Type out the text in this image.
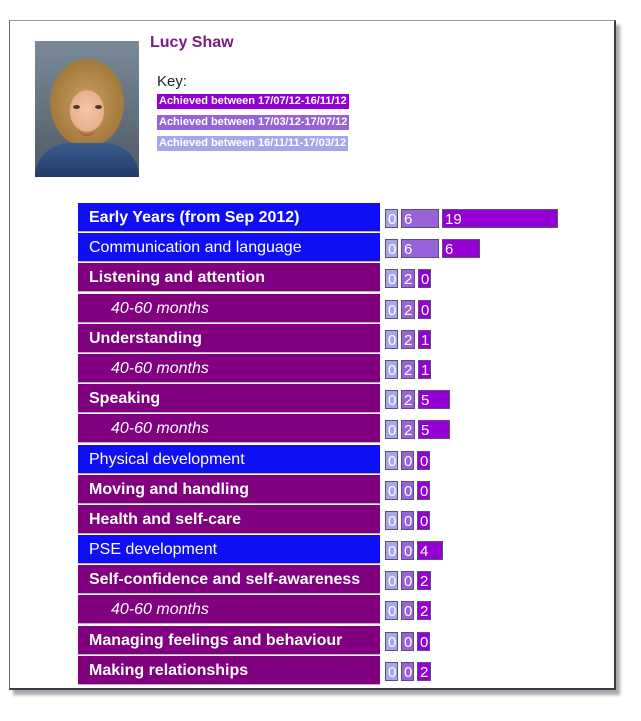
Lucy Shaw
Key:
Achieved between 17/07/12-16/11/12
Achieved between 17/03/12-17/07/12
Achieved between 16/11/11-17/03/12
Early Years (from Sep 2012)	0 6	19
Communication and language	0 6	6
Listening and attention	0 2 0
40-60 months	0 2 0
Understanding	0 2 1
40-60 months	0 2 1
Speaking	0 2 5
40-60 months	0 2 5
Physical development	0 0 0
Moving and handling	0 0 0
Health and self-care	0 0 0
PSE development	0 0 4
Self-confidence and self-awareness	0 0 2
40-60 months	0 0 2
Managing feelings and behaviour	0 0 0
Making relationships	0 0 2
